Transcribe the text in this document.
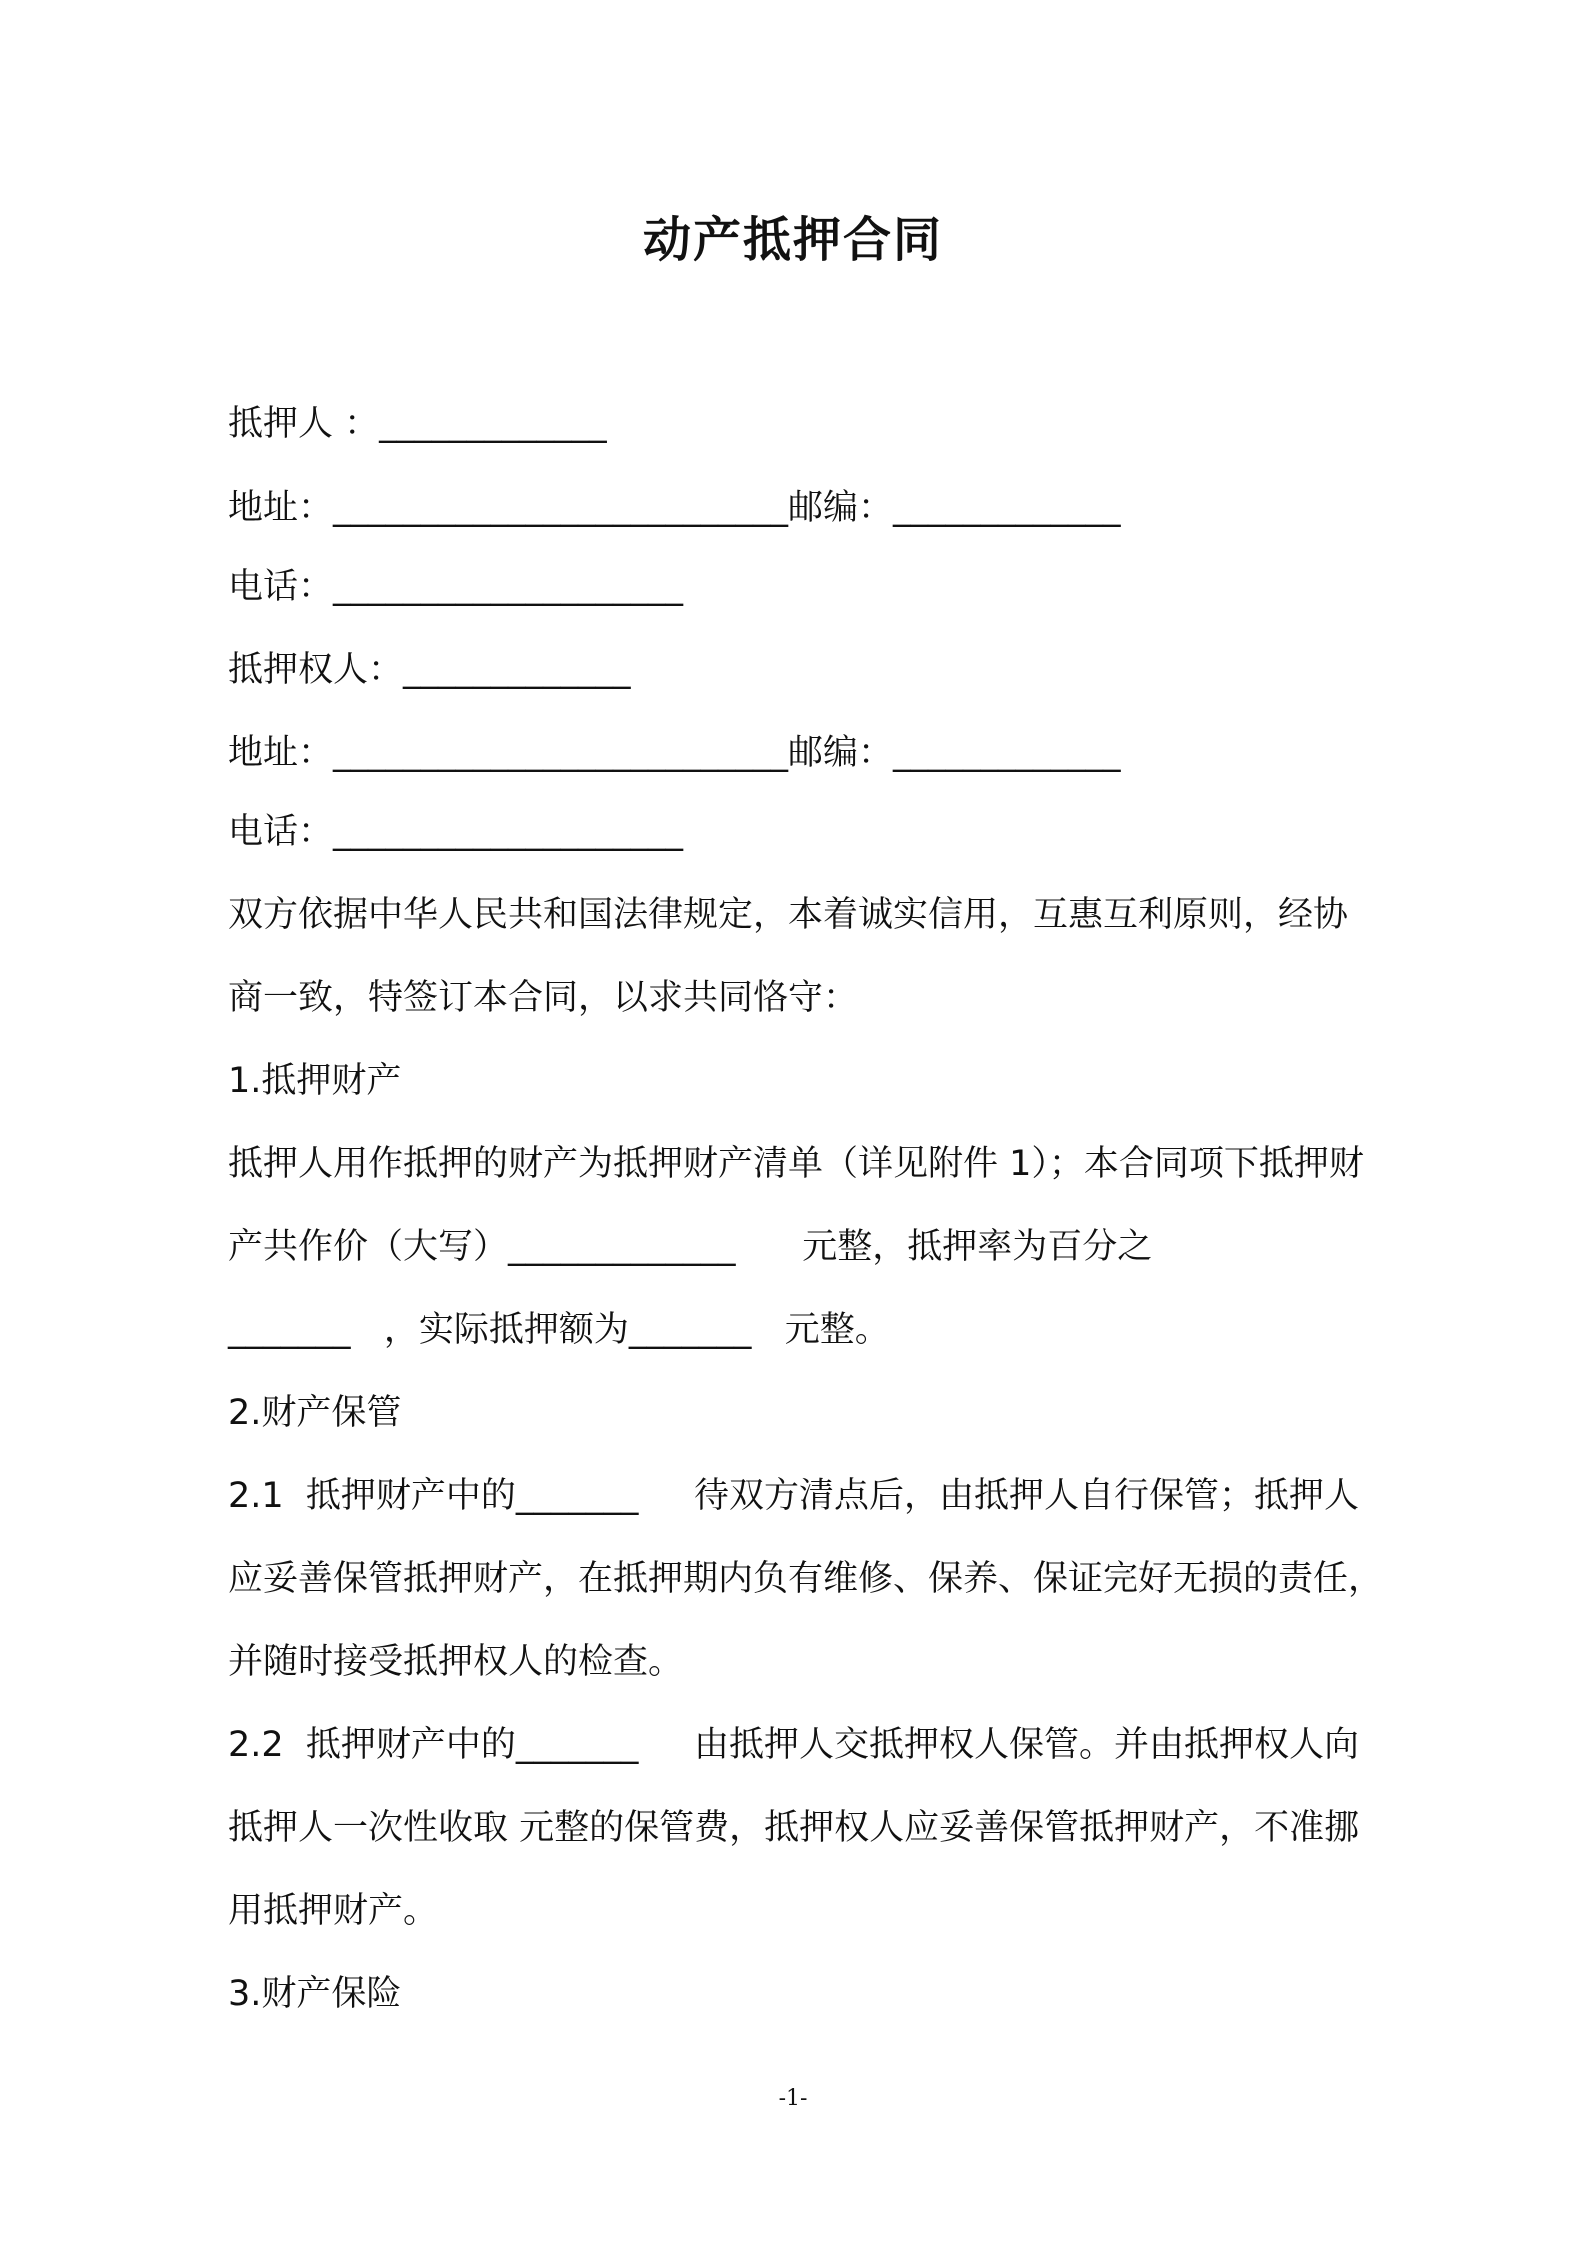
动产抵押合同
抵押人 ：_____________
地址：__________________________邮编：_____________
电话：____________________
抵押权人：_____________
地址：__________________________邮编：_____________
电话：____________________
双方依据中华人民共和国法律规定，本着诚实信用，互惠互利原则，经协
商一致，特签订本合同，以求共同恪守：
1.抵押财产
抵押人用作抵押的财产为抵押财产清单（详见附件 1）；本合同项下抵押财
产共作价（大写）_____________      元整，抵押率为百分之
_______   ，实际抵押额为_______   元整。
2.财产保管
2.1  抵押财产中的_______     待双方清点后，由抵押人自行保管；抵押人
应妥善保管抵押财产，在抵押期内负有维修、保养、保证完好无损的责任，
并随时接受抵押权人的检查。
2.2  抵押财产中的_______     由抵押人交抵押权人保管。并由抵押权人向
抵押人一次性收取 元整的保管费，抵押权人应妥善保管抵押财产，不准挪
用抵押财产。
3.财产保险
-1-
